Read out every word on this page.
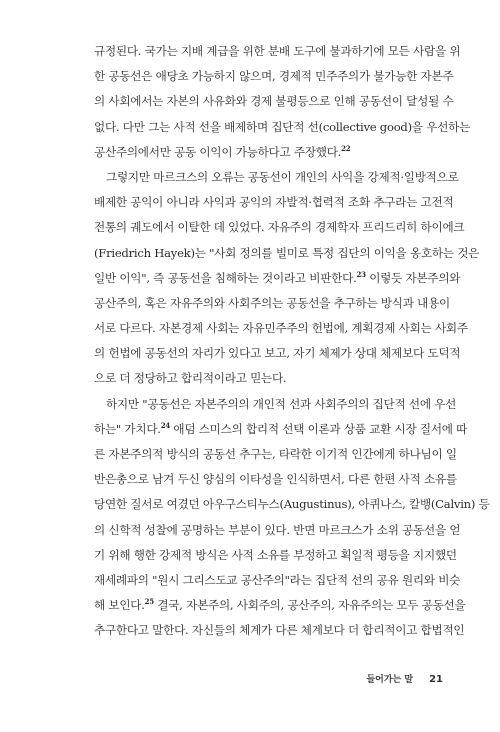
규정된다. 국가는 지배 계급을 위한 분배 도구에 불과하기에 모든 사람을 위
한 공동선은 애당초 가능하지 않으며, 경제적 민주주의가 불가능한 자본주
의 사회에서는 자본의 사유화와 경제 불평등으로 인해 공동선이 달성될 수
없다. 다만 그는 사적 선을 배제하며 집단적 선(collective good)을 우선하는
공산주의에서만 공동 이익이 가능하다고 주장했다.$^{22}$
그렇지만 마르크스의 오류는 공동선이 개인의 사익을 강제적·일방적으로
배제한 공익이 아니라 사익과 공익의 자발적·협력적 조화 추구라는 고전적
전통의 궤도에서 이탈한 데 있었다. 자유주의 경제학자 프리드리히 하이에크
(Friedrich Hayek)는 "사회 정의를 빌미로 특정 집단의 이익을 옹호하는 것은
일반 이익", 즉 공동선을 침해하는 것이라고 비판한다.$^{23}$ 이렇듯 자본주의와
공산주의, 혹은 자유주의와 사회주의는 공동선을 추구하는 방식과 내용이
서로 다르다. 자본경제 사회는 자유민주주의 헌법에, 계획경제 사회는 사회주
의 헌법에 공동선의 자리가 있다고 보고, 자기 체제가 상대 체제보다 도덕적
으로 더 정당하고 합리적이라고 믿는다.
하지만 "공동선은 자본주의의 개인적 선과 사회주의의 집단적 선에 우선
하는" 가치다.$^{24}$ 애덤 스미스의 합리적 선택 이론과 상품 교환 시장 질서에 따
른 자본주의적 방식의 공동선 추구는, 타락한 이기적 인간에게 하나님이 일
반은총으로 남겨 두신 양심의 이타성을 인식하면서, 다른 한편 사적 소유를
당연한 질서로 여겼던 아우구스티누스(Augustinus), 아퀴나스, 칼뱅(Calvin) 등
의 신학적 성찰에 공명하는 부분이 있다. 반면 마르크스가 소위 공동선을 얻
기 위해 행한 강제적 방식은 사적 소유를 부정하고 획일적 평등을 지지했던
재세례파의 "원시 그리스도교 공산주의"라는 집단적 선의 공유 원리와 비슷
해 보인다.$^{25}$ 결국, 자본주의, 사회주의, 공산주의, 자유주의는 모두 공동선을
추구한다고 말한다. 자신들의 체계가 다른 체계보다 더 합리적이고 합법적인
들어가는 말 21
